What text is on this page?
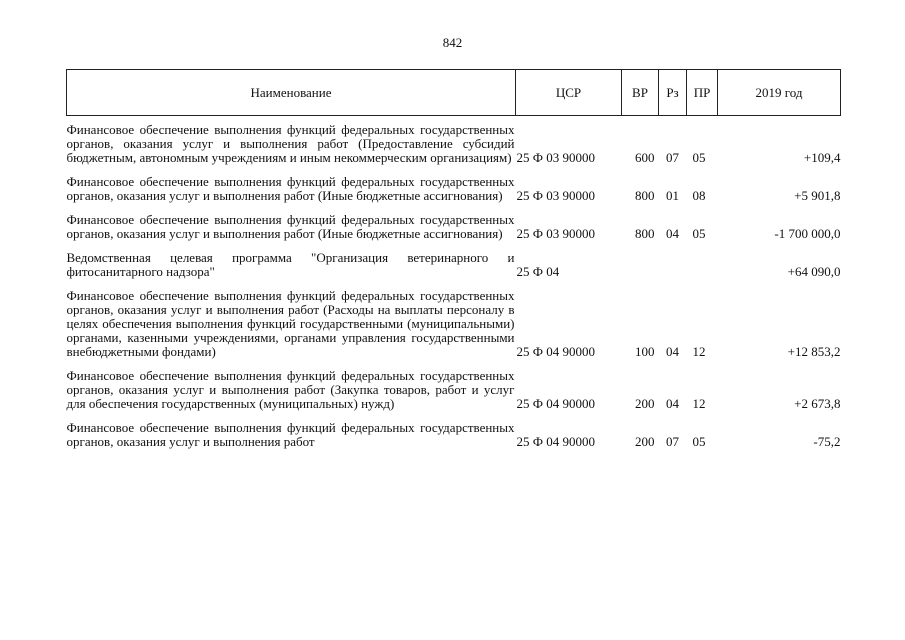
842
Наименование	ЦСР	ВР	Рз	ПР	2019 год

Финансовое обеспечение выполнения функций федеральных государственных органов, оказания услуг и выполнения работ (Предоставление субсидий бюджетным, автономным учреждениям и иным некоммерческим организациям)	25 Ф 03 90000	600	07	05	+109,4

Финансовое обеспечение выполнения функций федеральных государственных органов, оказания услуг и выполнения работ (Иные бюджетные ассигнования)	25 Ф 03 90000	800	01	08	+5 901,8

Финансовое обеспечение выполнения функций федеральных государственных органов, оказания услуг и выполнения работ (Иные бюджетные ассигнования)	25 Ф 03 90000	800	04	05	-1 700 000,0

Ведомственная целевая программа "Организация ветеринарного и фитосанитарного надзора"	25 Ф 04				+64 090,0

Финансовое обеспечение выполнения функций федеральных государственных органов, оказания услуг и выполнения работ (Расходы на выплаты персоналу в целях обеспечения выполнения функций государственными (муниципальными) органами, казенными учреждениями, органами управления государственными внебюджетными фондами)	25 Ф 04 90000	100	04	12	+12 853,2

Финансовое обеспечение выполнения функций федеральных государственных органов, оказания услуг и выполнения работ (Закупка товаров, работ и услуг для обеспечения государственных (муниципальных) нужд)	25 Ф 04 90000	200	04	12	+2 673,8

Финансовое обеспечение выполнения функций федеральных государственных органов, оказания услуг и выполнения работ	25 Ф 04 90000	200	07	05	-75,2
